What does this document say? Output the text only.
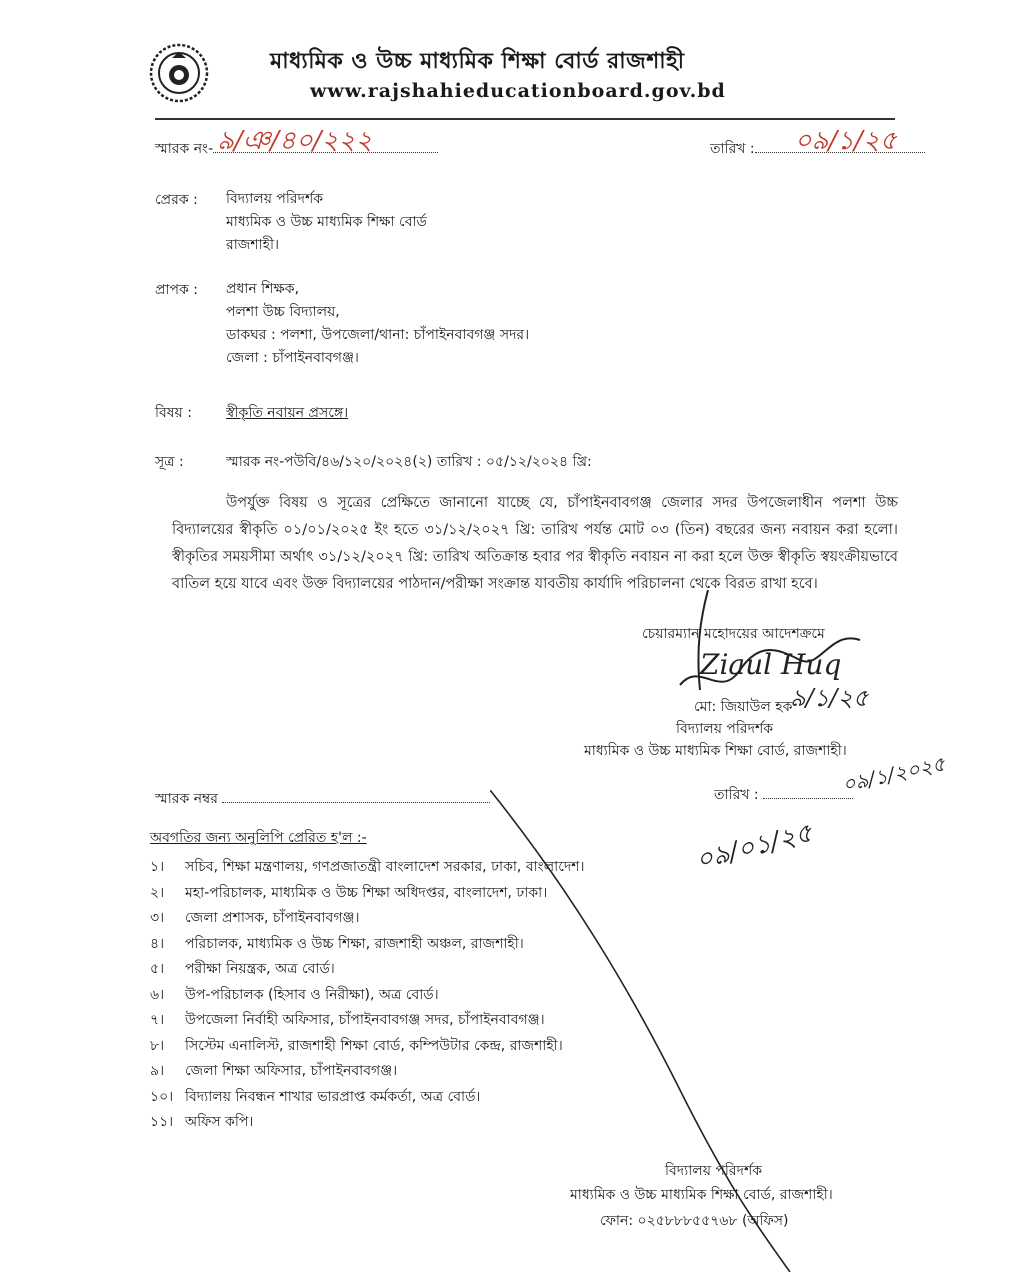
মাধ্যমিক ও উচ্চ মাধ্যমিক শিক্ষা বোর্ড রাজশাহী
www.rajshahieducationboard.gov.bd
স্মারক নং- ৯/ঞ/৪০/২২২	তারিখ : ০৯/১/২৫
প্রেরক : বিদ্যালয় পরিদর্শক
মাধ্যমিক ও উচ্চ মাধ্যমিক শিক্ষা বোর্ড
রাজশাহী।
প্রাপক : প্রধান শিক্ষক,
পলশা উচ্চ বিদ্যালয়,
ডাকঘর : পলশা, উপজেলা/থানা: চাঁপাইনবাবগঞ্জ সদর।
জেলা : চাঁপাইনবাবগঞ্জ।
বিষয় : স্বীকৃতি নবায়ন প্রসঙ্গে।
সূত্র :	স্মারক নং-পউবি/৪৬/১২০/২০২৪(২) তারিখ : ০৫/১২/২০২৪ খ্রি:
উপর্যুক্ত বিষয় ও সূত্রের প্রেক্ষিতে জানানো যাচ্ছে যে, চাঁপাইনবাবগঞ্জ জেলার সদর উপজেলাধীন পলশা উচ্চ বিদ্যালয়ের স্বীকৃতি ০১/০১/২০২৫ ইং হতে ৩১/১২/২০২৭ খ্রি: তারিখ পর্যন্ত মোট ০৩ (তিন) বছরের জন্য নবায়ন করা হলো। স্বীকৃতির সময়সীমা অর্থাৎ ৩১/১২/২০২৭ খ্রি: তারিখ অতিক্রান্ত হবার পর স্বীকৃতি নবায়ন না করা হলে উক্ত স্বীকৃতি স্বয়ংক্রীয়ভাবে বাতিল হয়ে যাবে এবং উক্ত বিদ্যালয়ের পাঠদান/পরীক্ষা সংক্রান্ত যাবতীয় কার্যাদি পরিচালনা থেকে বিরত রাখা হবে।
চেয়ারম্যান মহোদয়ের আদেশক্রমে
Ziaul Huq
৯/১/২৫
মো: জিয়াউল হক
বিদ্যালয় পরিদর্শক
মাধ্যমিক ও উচ্চ মাধ্যমিক শিক্ষা বোর্ড, রাজশাহী।
স্মারক নম্বর	তারিখ :	০৯/১/২০২৫
০৯/০১/২৫
অবগতির জন্য অনুলিপি প্রেরিত হ'ল :-
১। সচিব, শিক্ষা মন্ত্রণালয়, গণপ্রজাতন্ত্রী বাংলাদেশ সরকার, ঢাকা, বাংলাদেশ।
২। মহা-পরিচালক, মাধ্যমিক ও উচ্চ শিক্ষা অধিদপ্তর, বাংলাদেশ, ঢাকা।
৩। জেলা প্রশাসক, চাঁপাইনবাবগঞ্জ।
৪। পরিচালক, মাধ্যমিক ও উচ্চ শিক্ষা, রাজশাহী অঞ্চল, রাজশাহী।
৫। পরীক্ষা নিয়ন্ত্রক, অত্র বোর্ড।
৬। উপ-পরিচালক (হিসাব ও নিরীক্ষা), অত্র বোর্ড।
৭। উপজেলা নির্বাহী অফিসার, চাঁপাইনবাবগঞ্জ সদর, চাঁপাইনবাবগঞ্জ।
৮। সিস্টেম এনালিস্ট, রাজশাহী শিক্ষা বোর্ড, কম্পিউটার কেন্দ্র, রাজশাহী।
৯। জেলা শিক্ষা অফিসার, চাঁপাইনবাবগঞ্জ।
১০। বিদ্যালয় নিবন্ধন শাখার ভারপ্রাপ্ত কর্মকর্তা, অত্র বোর্ড।
১১। অফিস কপি।
বিদ্যালয় পরিদর্শক
মাধ্যমিক ও উচ্চ মাধ্যমিক শিক্ষা বোর্ড, রাজশাহী।
ফোন: ০২৫৮৮৮৫৫৭৬৮ (অফিস)
